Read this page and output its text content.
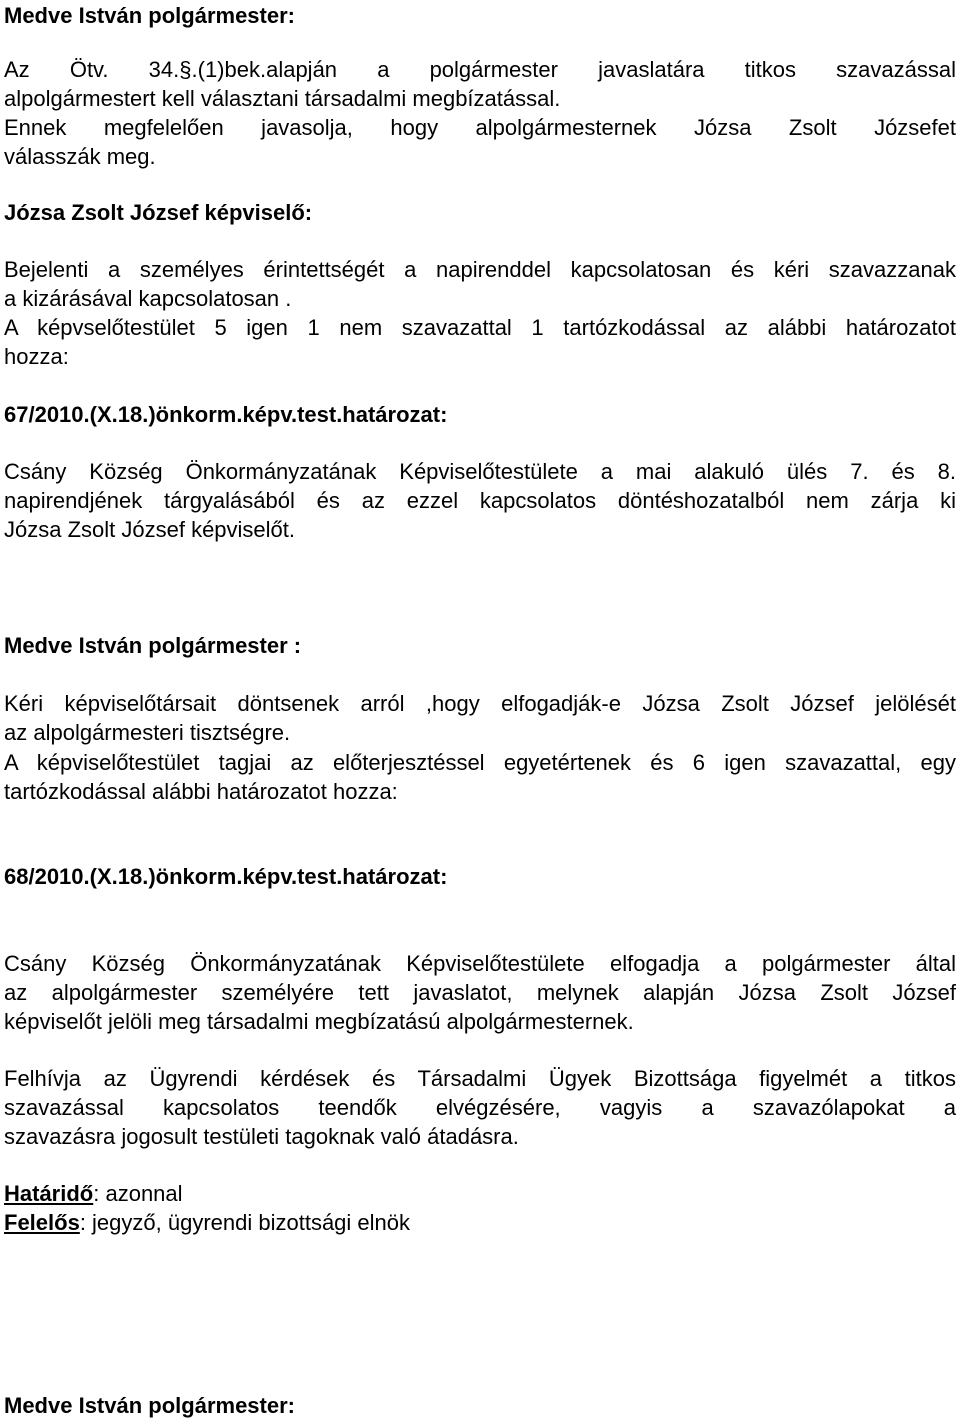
Medve István polgármester:
Az Ötv. 34.§.(1)bek.alapján a polgármester javaslatára titkos szavazással
alpolgármestert kell választani társadalmi megbízatással.
Ennek megfelelően javasolja, hogy alpolgármesternek Józsa Zsolt Józsefet
válasszák meg.
Józsa Zsolt József képviselő:
Bejelenti a személyes érintettségét a napirenddel kapcsolatosan és kéri szavazzanak
a kizárásával kapcsolatosan .
A képvselőtestület 5 igen 1 nem szavazattal 1 tartózkodással az alábbi határozatot
hozza:
67/2010.(X.18.)önkorm.képv.test.határozat:
Csány Község Önkormányzatának Képviselőtestülete a mai alakuló ülés 7. és 8.
napirendjének tárgyalásából és az ezzel kapcsolatos döntéshozatalból nem zárja ki
Józsa Zsolt József képviselőt.
Medve István polgármester :
Kéri képviselőtársait döntsenek arról ,hogy elfogadják-e Józsa Zsolt József jelölését
az alpolgármesteri tisztségre.
A képviselőtestület tagjai az előterjesztéssel egyetértenek és 6 igen szavazattal, egy
tartózkodással alábbi határozatot hozza:
68/2010.(X.18.)önkorm.képv.test.határozat:
Csány Község Önkormányzatának Képviselőtestülete elfogadja a polgármester által
az alpolgármester személyére tett javaslatot, melynek alapján Józsa Zsolt József
képviselőt jelöli meg társadalmi megbízatású alpolgármesternek.
Felhívja az Ügyrendi kérdések és Társadalmi Ügyek Bizottsága figyelmét a titkos
szavazással kapcsolatos teendők elvégzésére, vagyis a szavazólapokat a
szavazásra jogosult testületi tagoknak való átadásra.
Határidő: azonnal
Felelős: jegyző, ügyrendi bizottsági elnök
Medve István polgármester:
